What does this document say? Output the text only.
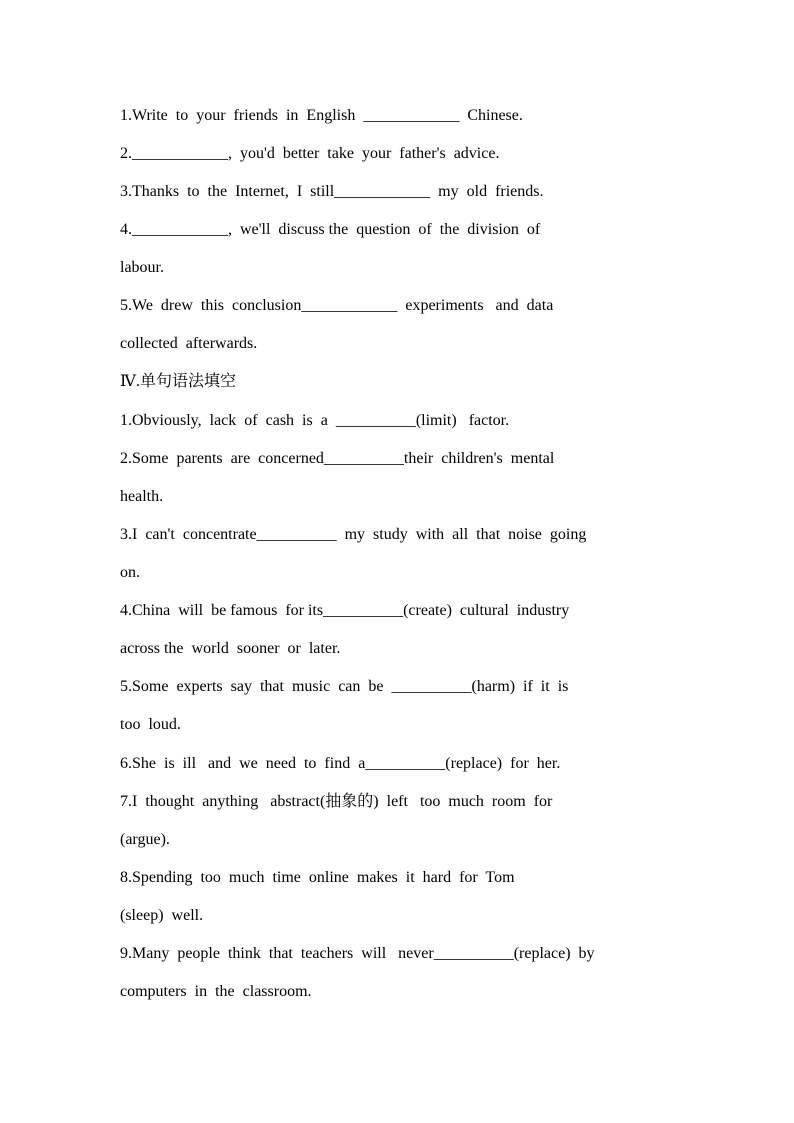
1.Write  to  your  friends  in  English  ____________  Chinese.
2.____________,  you'd  better  take  your  father's  advice.
3.Thanks  to  the  Internet,  I  still____________  my  old  friends.
4.____________,  we'll  discuss the  question  of  the  division  of
labour.
5.We  drew  this  conclusion____________  experiments   and  data
collected  afterwards.
Ⅳ.单句语法填空
1.Obviously,  lack  of  cash  is  a  __________(limit)   factor.
2.Some  parents  are  concerned__________their  children's  mental
health.
3.I  can't  concentrate__________  my  study  with  all  that  noise  going
on.
4.China  will  be famous  for its__________(create)  cultural  industry
across the  world  sooner  or  later.
5.Some  experts  say  that  music  can  be  __________(harm)  if  it  is
too  loud.
6.She  is  ill   and  we  need  to  find  a__________(replace)  for  her.
7.I  thought  anything   abstract(抽象的)  left   too  much  room  for
(argue).
8.Spending  too  much  time  online  makes  it  hard  for  Tom
(sleep)  well.
9.Many  people  think  that  teachers  will   never__________(replace)  by
computers  in  the  classroom.
